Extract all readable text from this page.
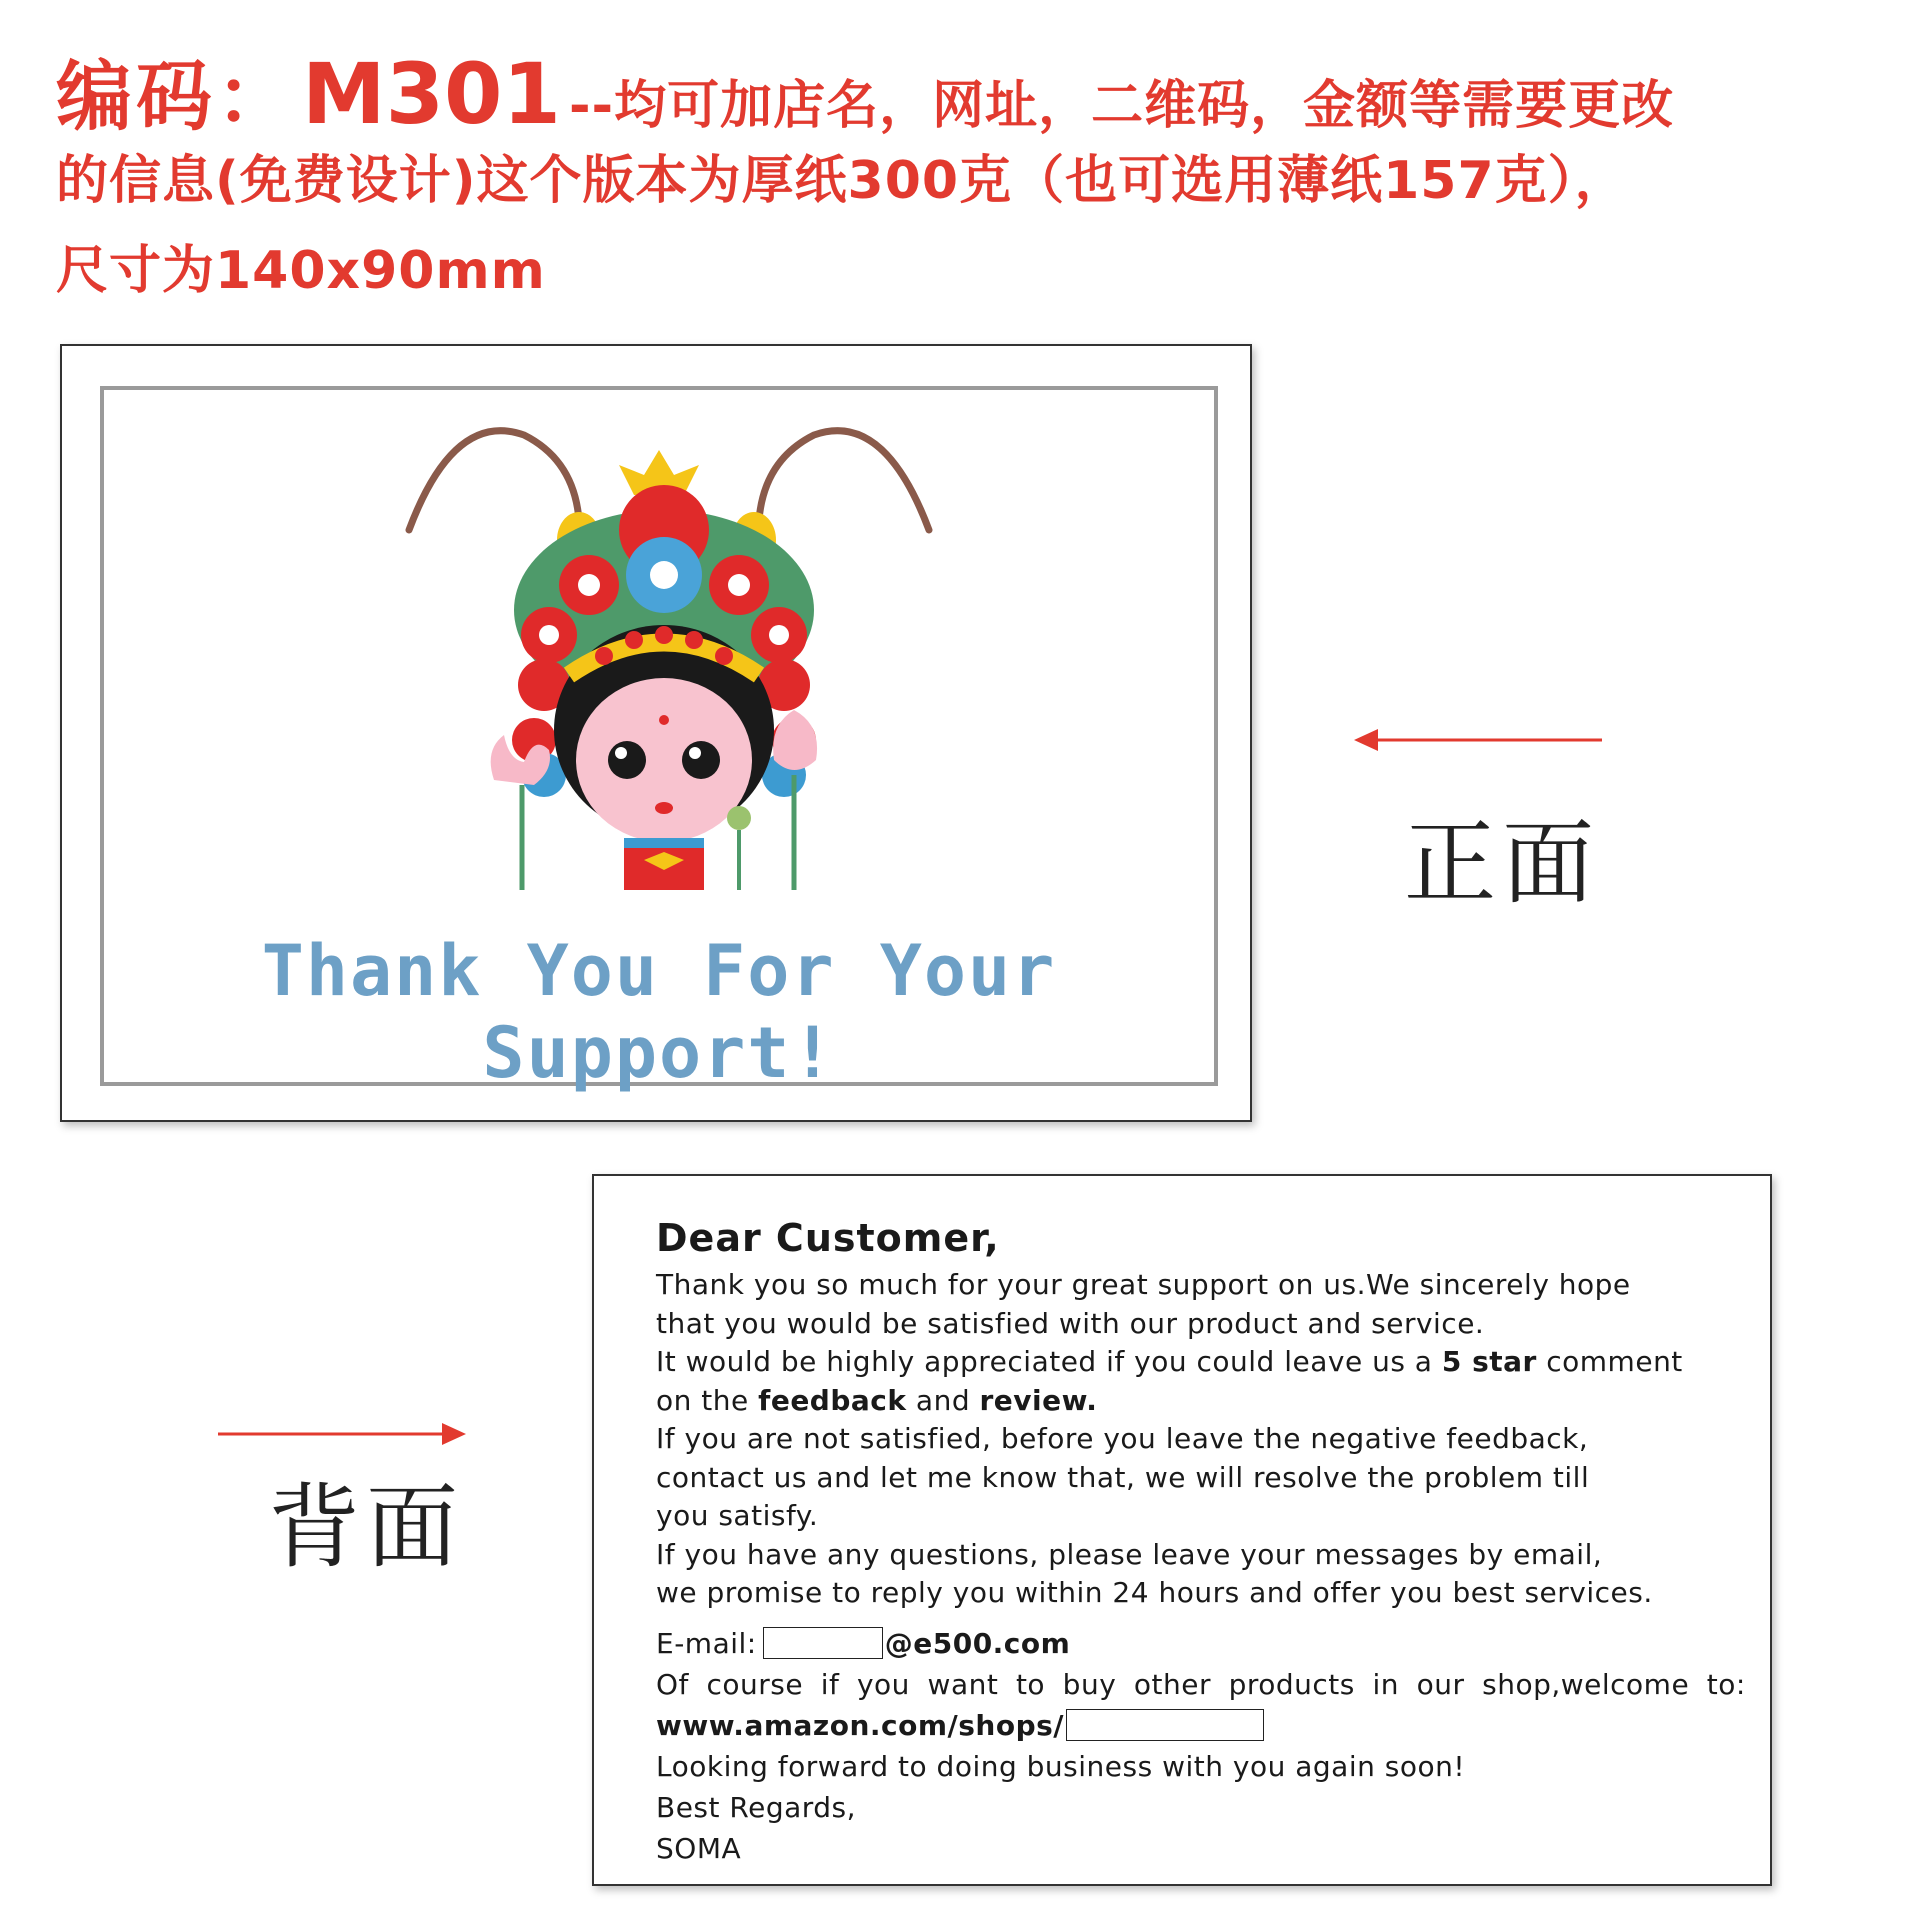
编码： M301 --均可加店名，网址，二维码，金额等需要更改
的信息(免费设计)这个版本为厚纸300克（也可选用薄纸157克），
尺寸为140x90mm
Thank You For Your Support!
正面
背面
Dear Customer,
Thank you so much for your great support on us.We sincerely hope
that you would be satisfied with our product and service.
It would be highly appreciated if you could leave us a 5 star comment
on the feedback and review.
If you are not satisfied, before you leave the negative feedback,
contact us and let me know that, we will resolve the problem till
you satisfy.
If you have any questions, please leave your messages by email,
we promise to reply you within 24 hours and offer you best services.
E-mail:	@e500.com
Of course if you want to buy other products in our shop,welcome to:
www.amazon.com/shops/
Looking forward to doing business with you again soon!
Best Regards,
SOMA
